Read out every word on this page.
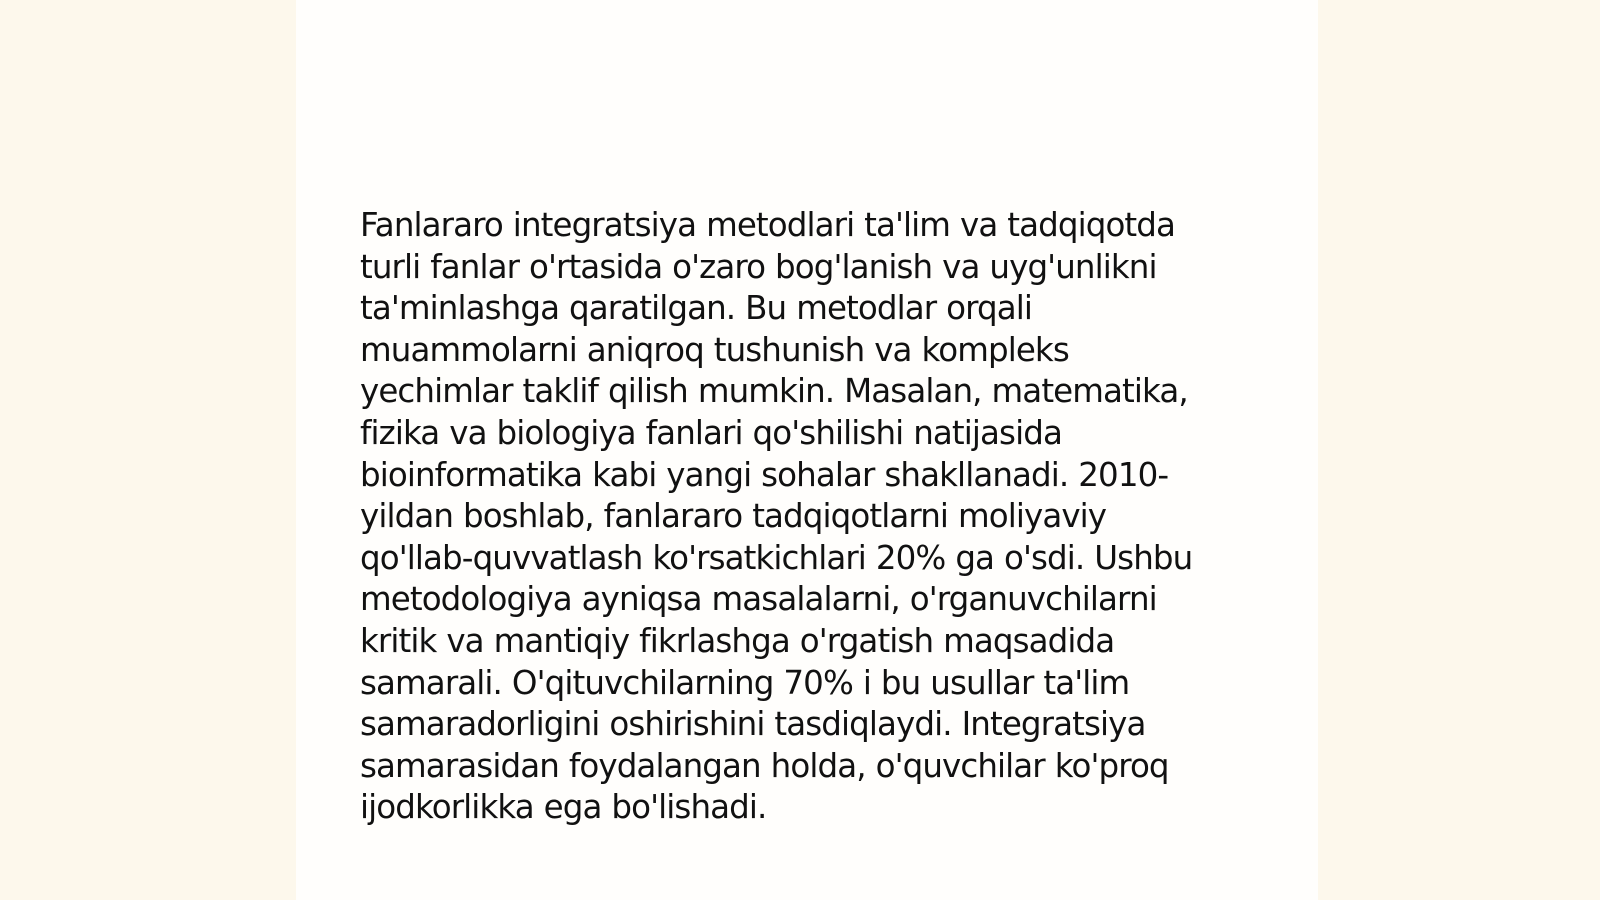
Fanlararo integratsiya metodlari ta'lim va tadqiqotda
turli fanlar o'rtasida o'zaro bog'lanish va uyg'unlikni
ta'minlashga qaratilgan. Bu metodlar orqali
muammolarni aniqroq tushunish va kompleks
yechimlar taklif qilish mumkin. Masalan, matematika,
fizika va biologiya fanlari qo'shilishi natijasida
bioinformatika kabi yangi sohalar shakllanadi. 2010-
yildan boshlab, fanlararo tadqiqotlarni moliyaviy
qo'llab-quvvatlash ko'rsatkichlari 20% ga o'sdi. Ushbu
metodologiya ayniqsa masalalarni, o'rganuvchilarni
kritik va mantiqiy fikrlashga o'rgatish maqsadida
samarali. O'qituvchilarning 70% i bu usullar ta'lim
samaradorligini oshirishini tasdiqlaydi. Integratsiya
samarasidan foydalangan holda, o'quvchilar ko'proq
ijodkorlikka ega bo'lishadi.
